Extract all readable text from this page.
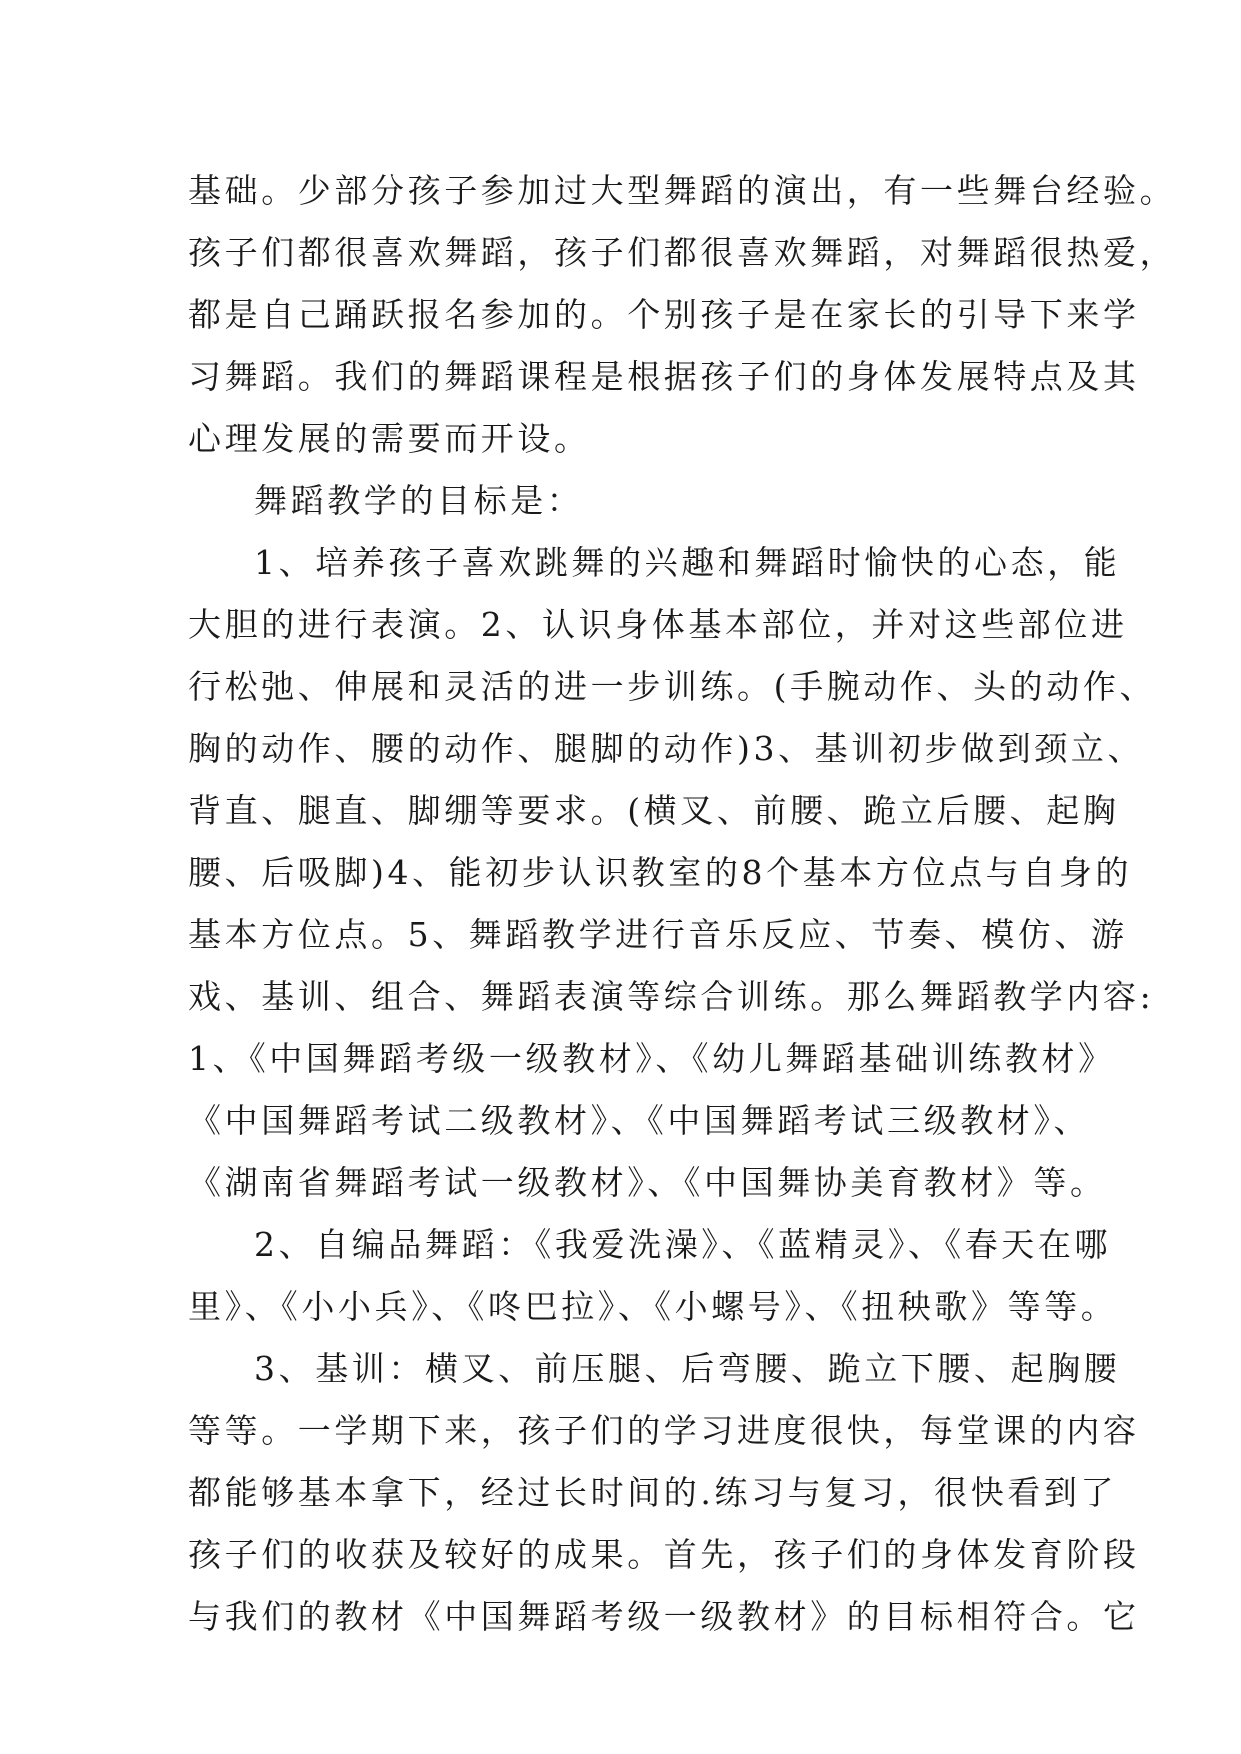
基础。少部分孩子参加过大型舞蹈的演出，有一些舞台经验。
孩子们都很喜欢舞蹈，孩子们都很喜欢舞蹈，对舞蹈很热爱，
都是自己踊跃报名参加的。个别孩子是在家长的引导下来学
习舞蹈。我们的舞蹈课程是根据孩子们的身体发展特点及其
心理发展的需要而开设。
舞蹈教学的目标是：
1、培养孩子喜欢跳舞的兴趣和舞蹈时愉快的心态，能
大胆的进行表演。2、认识身体基本部位，并对这些部位进
行松弛、伸展和灵活的进一步训练。(手腕动作、头的动作、
胸的动作、腰的动作、腿脚的动作)3、基训初步做到颈立、
背直、腿直、脚绷等要求。(横叉、前腰、跪立后腰、起胸
腰、后吸脚)4、能初步认识教室的8个基本方位点与自身的
基本方位点。5、舞蹈教学进行音乐反应、节奏、模仿、游
戏、基训、组合、舞蹈表演等综合训练。那么舞蹈教学内容:
1、《中国舞蹈考级一级教材》、《幼儿舞蹈基础训练教材》
《中国舞蹈考试二级教材》、《中国舞蹈考试三级教材》、
《湖南省舞蹈考试一级教材》、《中国舞协美育教材》等。
2、自编品舞蹈：《我爱洗澡》、《蓝精灵》、《春天在哪
里》、《小小兵》、《咚巴拉》、《小螺号》、《扭秧歌》等等。
3、基训：横叉、前压腿、后弯腰、跪立下腰、起胸腰
等等。一学期下来，孩子们的学习进度很快，每堂课的内容
都能够基本拿下，经过长时间的.练习与复习，很快看到了
孩子们的收获及较好的成果。首先，孩子们的身体发育阶段
与我们的教材《中国舞蹈考级一级教材》的目标相符合。它
